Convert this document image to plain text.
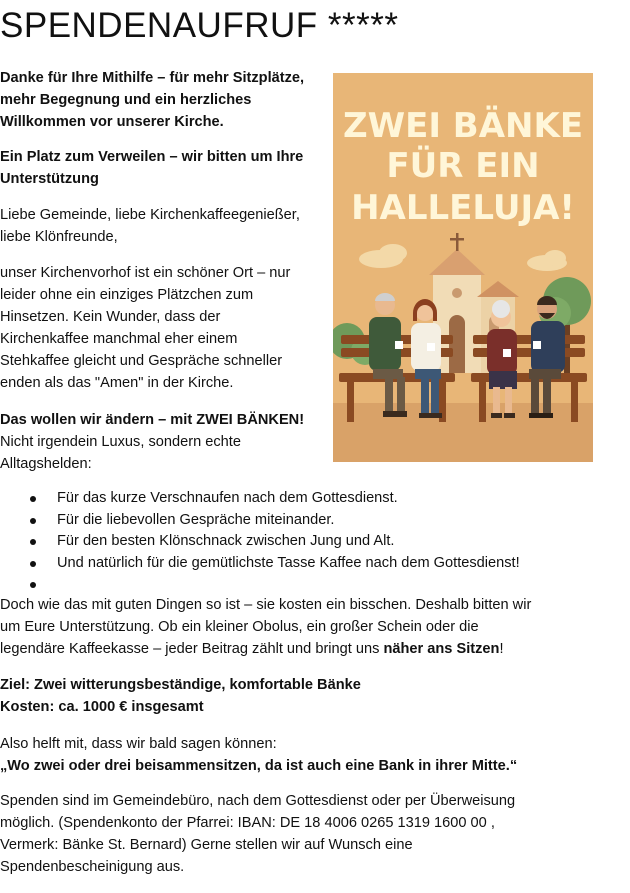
SPENDENAUFRUF *****

Danke für Ihre Mithilfe – für mehr Sitzplätze,
mehr Begegnung und ein herzliches
Willkommen vor unserer Kirche.

Ein Platz zum Verweilen – wir bitten um Ihre
Unterstützung

Liebe Gemeinde, liebe Kirchenkaffeegenießer,
liebe Klönfreunde,

unser Kirchenvorhof ist ein schöner Ort – nur
leider ohne ein einziges Plätzchen zum
Hinsetzen. Kein Wunder, dass der
Kirchenkaffee manchmal eher einem
Stehkaffee gleicht und Gespräche schneller
enden als das "Amen" in der Kirche.

Das wollen wir ändern – mit ZWEI BÄNKEN!
Nicht irgendein Luxus, sondern echte
Alltagshelden:

ZWEI BÄNKE
FÜR EIN
HALLELUJA!
Für das kurze Verschnaufen nach dem Gottesdienst.
Für die liebevollen Gespräche miteinander.
Für den besten Klönschnack zwischen Jung und Alt.
Und natürlich für die gemütlichste Tasse Kaffee nach dem Gottesdienst!

Doch wie das mit guten Dingen so ist – sie kosten ein bisschen. Deshalb bitten wir
um Eure Unterstützung. Ob ein kleiner Obolus, ein großer Schein oder die
legendäre Kaffeekasse – jeder Beitrag zählt und bringt uns näher ans Sitzen!

Ziel: Zwei witterungsbeständige, komfortable Bänke
Kosten: ca. 1000 € insgesamt

Also helft mit, dass wir bald sagen können:
„Wo zwei oder drei beisammensitzen, da ist auch eine Bank in ihrer Mitte.“

Spenden sind im Gemeindebüro, nach dem Gottesdienst oder per Überweisung
möglich. (Spendenkonto der Pfarrei: IBAN: DE 18 4006 0265 1319 1600 00 ,
Vermerk: Bänke St. Bernard) Gerne stellen wir auf Wunsch eine
Spendenbescheinigung aus.
